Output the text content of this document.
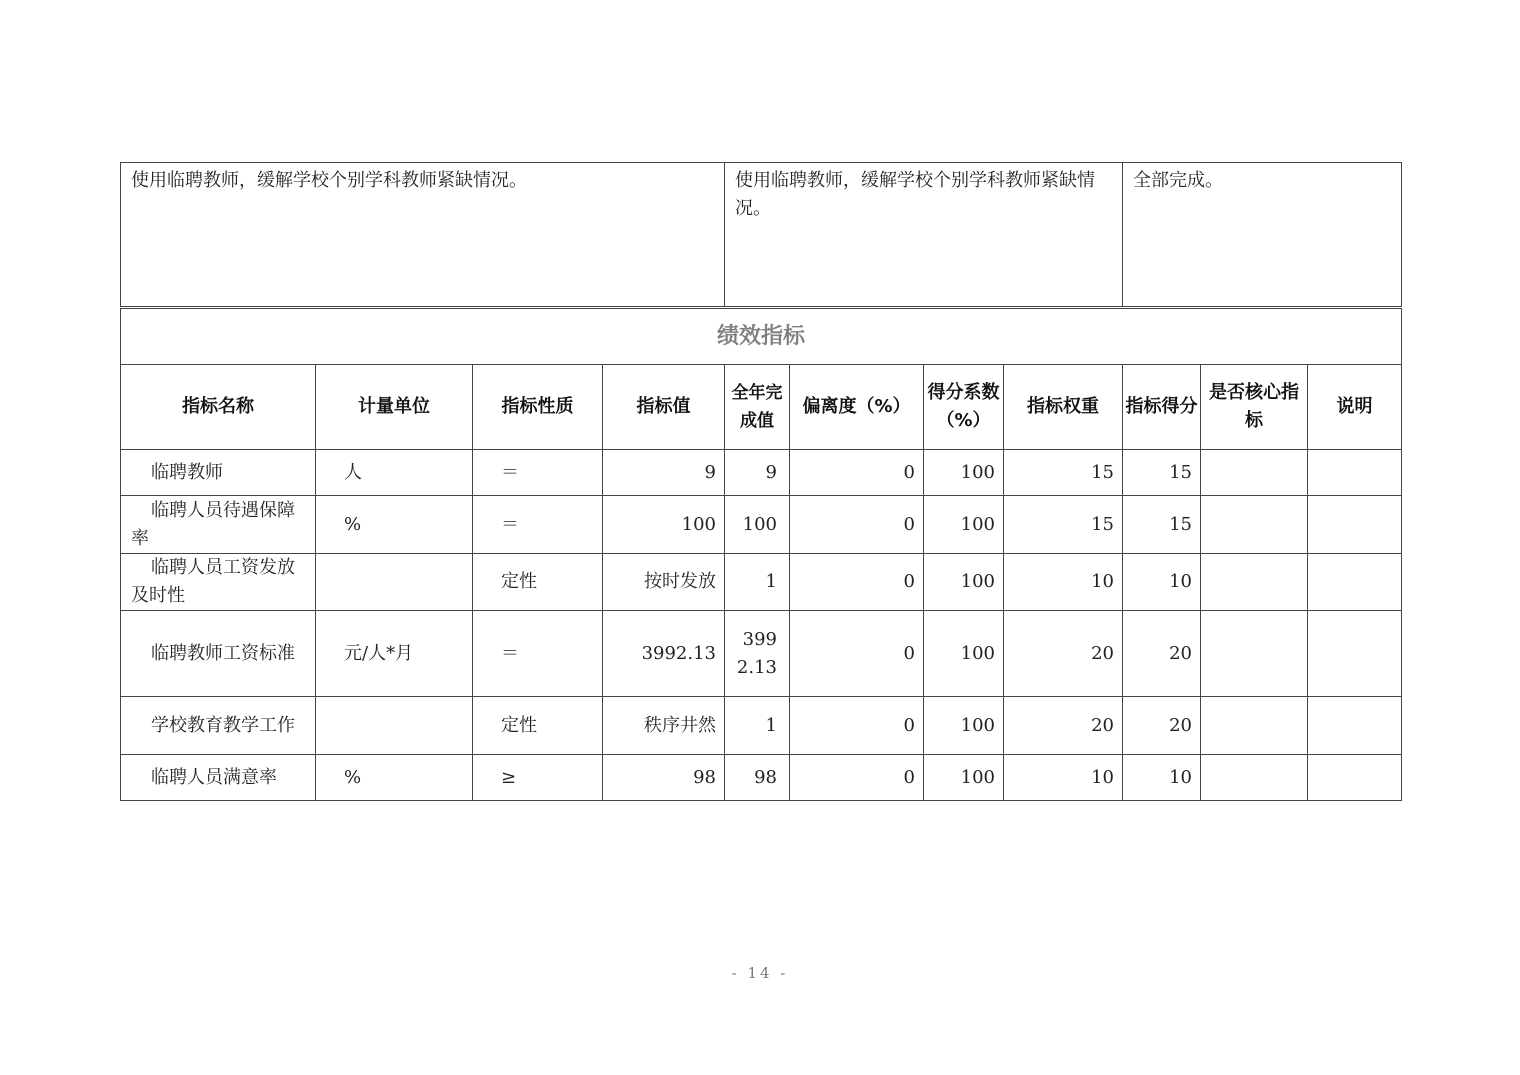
使用临聘教师，缓解学校个别学科教师紧缺情况。	使用临聘教师，缓解学校个别学科教师紧缺情况。	全部完成。
绩效指标										
指标名称	计量单位	指标性质	指标值	全年完成值	偏离度（%）	得分系数（%）	指标权重	指标得分	是否核心指标	说明
临聘教师	人	＝	9	9	0	100	15	15		
临聘人员待遇保障率	%	＝	100	100	0	100	15	15		
临聘人员工资发放及时性		定性	按时发放	1	0	100	10	10		
临聘教师工资标准	元/人*月	＝	3992.13	3992.13	0	100	20	20		
学校教育教学工作		定性	秩序井然	1	0	100	20	20		
临聘人员满意率	%	≥	98	98	0	100	10	10		
- 14 -
